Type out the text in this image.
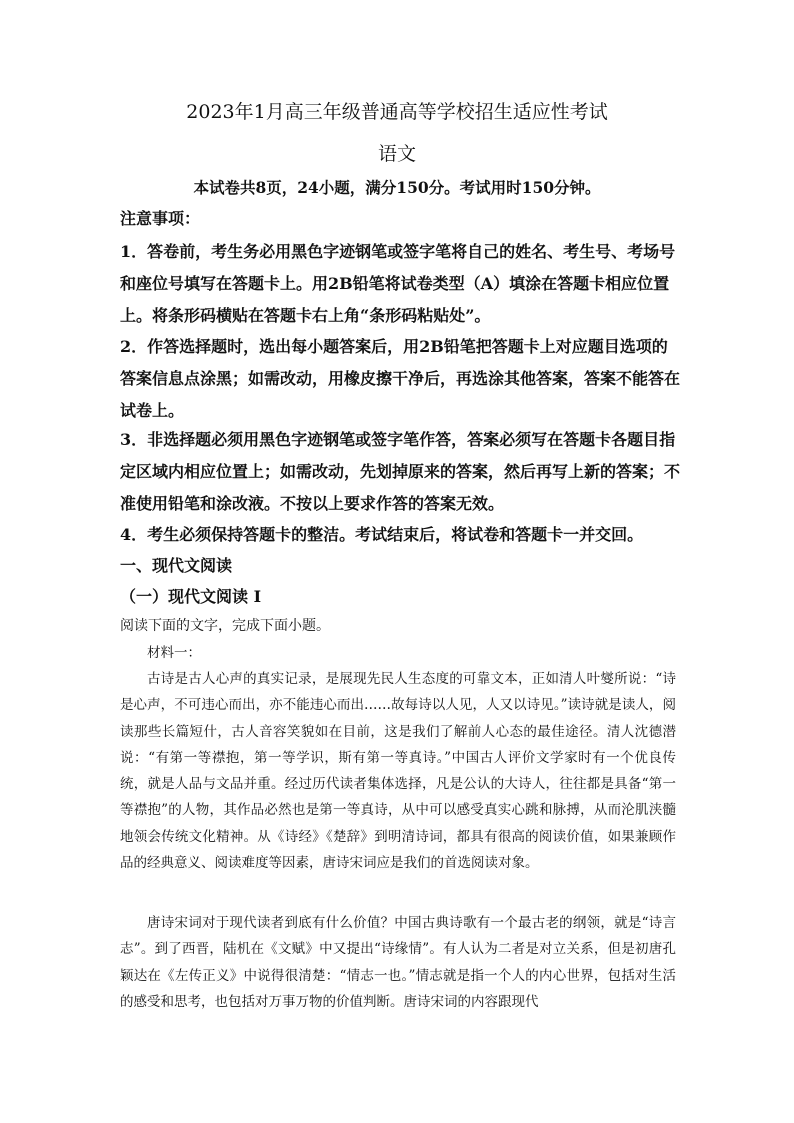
2023年1月高三年级普通高等学校招生适应性考试
语文
本试卷共8页，24小题，满分150分。考试用时150分钟。
注意事项：
1．答卷前，考生务必用黑色字迹钢笔或签字笔将自己的姓名、考生号、考场号和座位号填写在答题卡上。用2B铅笔将试卷类型（A）填涂在答题卡相应位置上。将条形码横贴在答题卡右上角“条形码粘贴处”。
2．作答选择题时，选出每小题答案后，用2B铅笔把答题卡上对应题目选项的答案信息点涂黑；如需改动，用橡皮擦干净后，再选涂其他答案，答案不能答在试卷上。
3．非选择题必须用黑色字迹钢笔或签字笔作答，答案必须写在答题卡各题目指定区域内相应位置上；如需改动，先划掉原来的答案，然后再写上新的答案；不准使用铅笔和涂改液。不按以上要求作答的答案无效。
4．考生必须保持答题卡的整洁。考试结束后，将试卷和答题卡一并交回。
一、现代文阅读
（一）现代文阅读 I
阅读下面的文字，完成下面小题。

材料一：

古诗是古人心声的真实记录，是展现先民人生态度的可靠文本，正如清人叶燮所说：“诗是心声，不可违心而出，亦不能违心而出……故每诗以人见，人又以诗见。”读诗就是读人，阅读那些长篇短什，古人音容笑貌如在目前，这是我们了解前人心态的最佳途径。清人沈德潜说：“有第一等襟抱，第一等学识，斯有第一等真诗。”中国古人评价文学家时有一个优良传统，就是人品与文品并重。经过历代读者集体选择，凡是公认的大诗人，往往都是具备“第一等襟抱”的人物，其作品必然也是第一等真诗，从中可以感受真实心跳和脉搏，从而沦肌浃髓地领会传统文化精神。从《诗经》《楚辞》到明清诗词，都具有很高的阅读价值，如果兼顾作品的经典意义、阅读难度等因素，唐诗宋词应是我们的首选阅读对象。

唐诗宋词对于现代读者到底有什么价值？中国古典诗歌有一个最古老的纲领，就是“诗言志”。到了西晋，陆机在《文赋》中又提出“诗缘情”。有人认为二者是对立关系，但是初唐孔颖达在《左传正义》中说得很清楚：“情志一也。”情志就是指一个人的内心世界，包括对生活的感受和思考，也包括对万事万物的价值判断。唐诗宋词的内容跟现代
